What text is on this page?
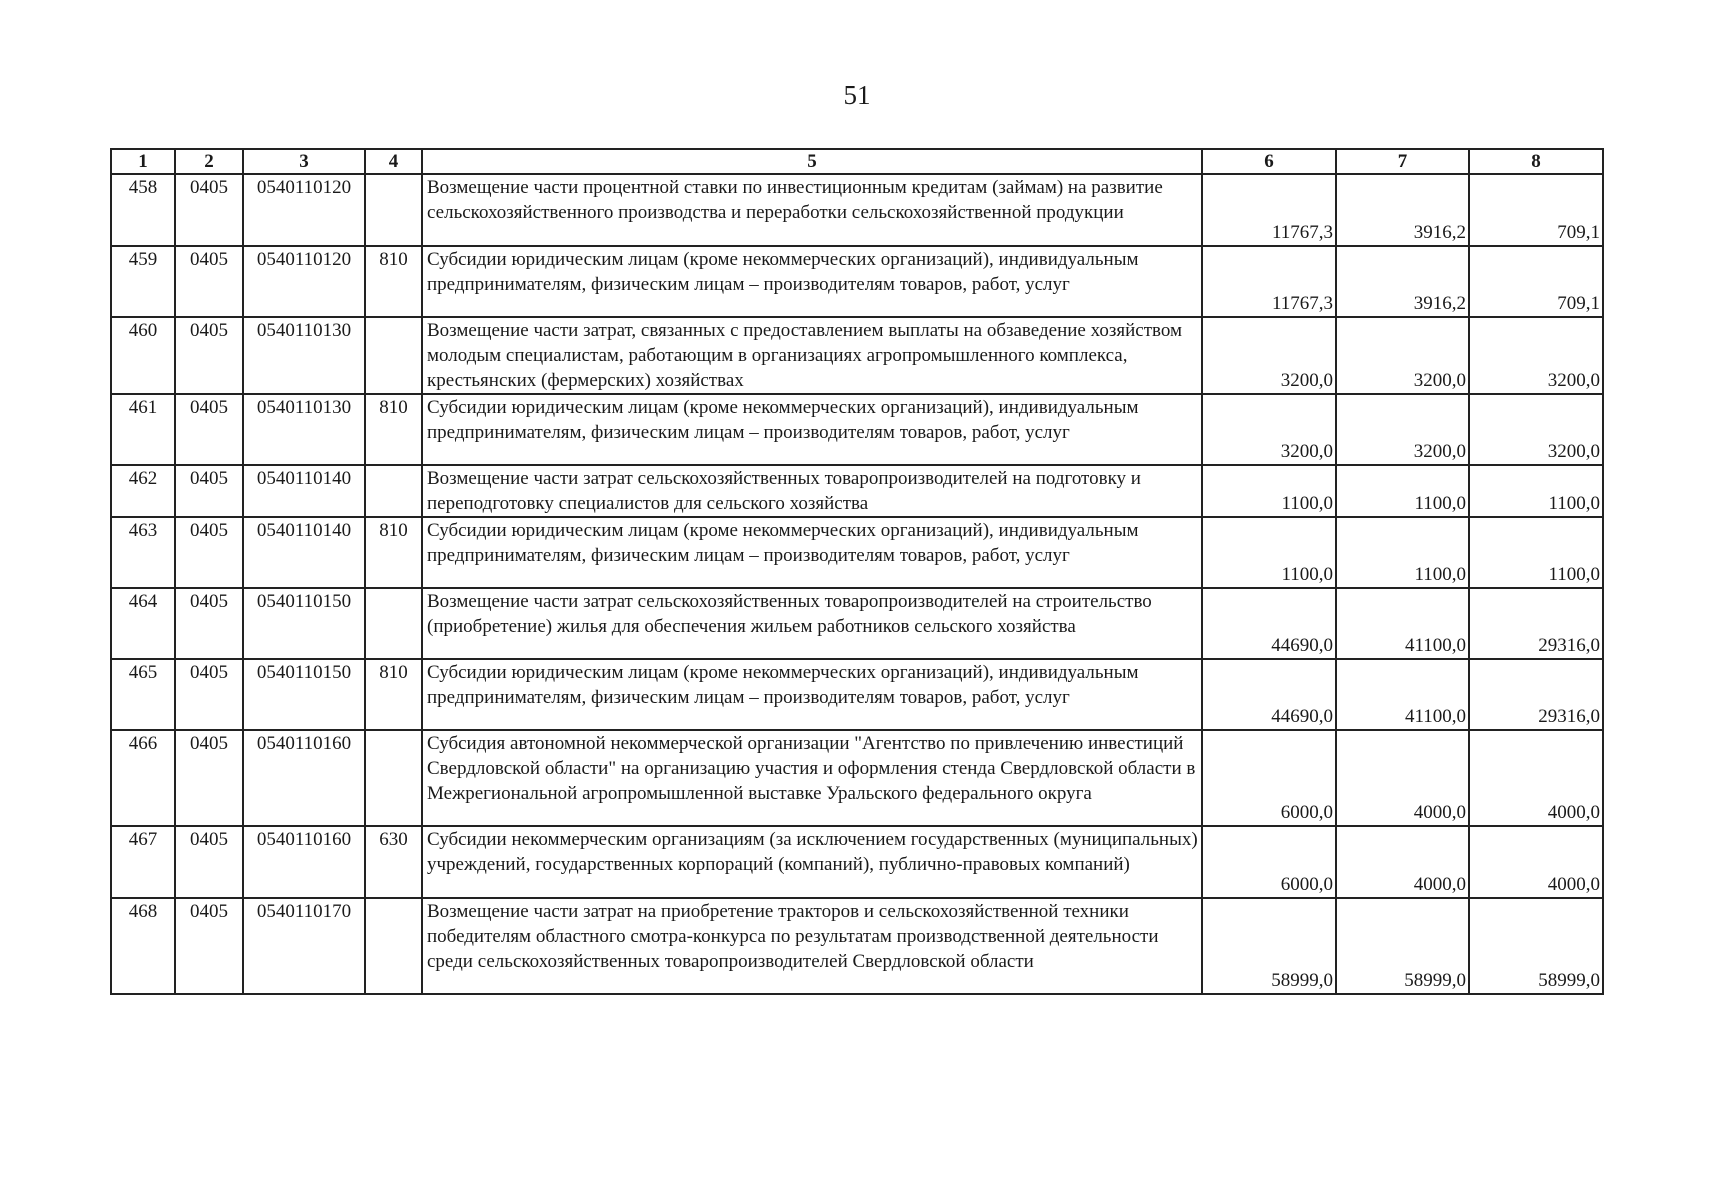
51
1	2	3	4	5	6	7	8
458	0405	0540110120		Возмещение части процентной ставки по инвестиционным кредитам (займам) на развитие сельскохозяйственного производства и переработки сельскохозяйственной продукции	11767,3	3916,2	709,1
459	0405	0540110120	810	Субсидии юридическим лицам (кроме некоммерческих организаций), индивидуальным предпринимателям, физическим лицам – производителям товаров, работ, услуг	11767,3	3916,2	709,1
460	0405	0540110130		Возмещение части затрат, связанных с предоставлением выплаты на обзаведение хозяйством молодым специалистам, работающим в организациях агропромышленного комплекса, крестьянских (фермерских) хозяйствах	3200,0	3200,0	3200,0
461	0405	0540110130	810	Субсидии юридическим лицам (кроме некоммерческих организаций), индивидуальным предпринимателям, физическим лицам – производителям товаров, работ, услуг	3200,0	3200,0	3200,0
462	0405	0540110140		Возмещение части затрат сельскохозяйственных товаропроизводителей на подготовку и переподготовку специалистов для сельского хозяйства	1100,0	1100,0	1100,0
463	0405	0540110140	810	Субсидии юридическим лицам (кроме некоммерческих организаций), индивидуальным предпринимателям, физическим лицам – производителям товаров, работ, услуг	1100,0	1100,0	1100,0
464	0405	0540110150		Возмещение части затрат сельскохозяйственных товаропроизводителей на строительство (приобретение) жилья для обеспечения жильем работников сельского хозяйства	44690,0	41100,0	29316,0
465	0405	0540110150	810	Субсидии юридическим лицам (кроме некоммерческих организаций), индивидуальным предпринимателям, физическим лицам – производителям товаров, работ, услуг	44690,0	41100,0	29316,0
466	0405	0540110160		Субсидия автономной некоммерческой организации "Агентство по привлечению инвестиций Свердловской области" на организацию участия и оформления стенда Свердловской области в Межрегиональной агропромышленной выставке Уральского федерального округа	6000,0	4000,0	4000,0
467	0405	0540110160	630	Субсидии некоммерческим организациям (за исключением государственных (муниципальных) учреждений, государственных корпораций (компаний), публично-правовых компаний)	6000,0	4000,0	4000,0
468	0405	0540110170		Возмещение части затрат на приобретение тракторов и сельскохозяйственной техники победителям областного смотра-конкурса по результатам производственной деятельности среди сельскохозяйственных товаропроизводителей Свердловской области	58999,0	58999,0	58999,0
